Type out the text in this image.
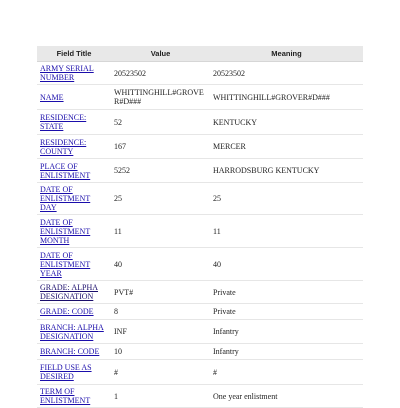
Field Title	Value	Meaning
ARMY SERIAL NUMBER	20523502	20523502
NAME	WHITTINGHILL#GROVER#D###	WHITTINGHILL#GROVER#D###
RESIDENCE: STATE	52	KENTUCKY
RESIDENCE: COUNTY	167	MERCER
PLACE OF ENLISTMENT	5252	HARRODSBURG KENTUCKY
DATE OF ENLISTMENT DAY	25	25
DATE OF ENLISTMENT MONTH	11	11
DATE OF ENLISTMENT YEAR	40	40
GRADE: ALPHA DESIGNATION	PVT#	Private
GRADE: CODE	8	Private
BRANCH: ALPHA DESIGNATION	INF	Infantry
BRANCH: CODE	10	Infantry
FIELD USE AS DESIRED	#	#
TERM OF ENLISTMENT	1	One year enlistment
